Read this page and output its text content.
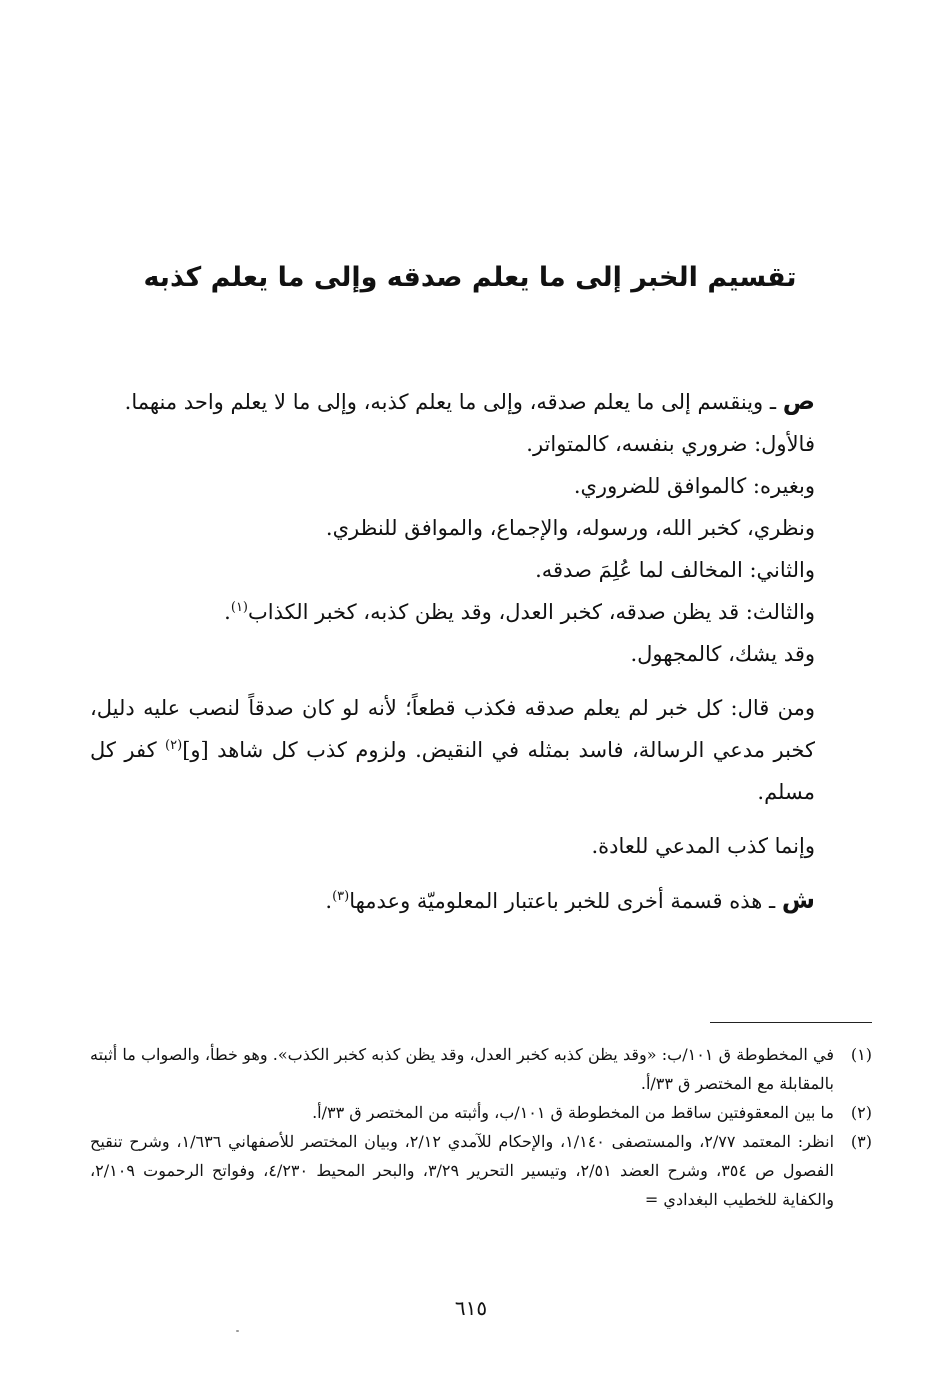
تقسيم الخبر إلى ما يعلم صدقه وإلى ما يعلم كذبه

ص ـ وينقسم إلى ما يعلم صدقه، وإلى ما يعلم كذبه، وإلى ما لا يعلم واحد منهما.

فالأول: ضروري بنفسه، كالمتواتر.

وبغيره: كالموافق للضروري.

ونظري، كخبر الله، ورسوله، والإجماع، والموافق للنظري.

والثاني: المخالف لما عُلِمَ صدقه.

والثالث: قد يظن صدقه، كخبر العدل، وقد يظن كذبه، كخبر الكذاب$^{(١)}$.

وقد يشك، كالمجهول.

ومن قال: كل خبر لم يعلم صدقه فكذب قطعاً؛ لأنه لو كان صدقاً لنصب عليه دليل، كخبر مدعي الرسالة، فاسد بمثله في النقيض. ولزوم كذب كل شاهد [و]$^{(٢)}$ كفر كل مسلم.

وإنما كذب المدعي للعادة.

ش ـ هذه قسمة أخرى للخبر باعتبار المعلوميّة وعدمها$^{(٣)}$.

(١)
في المخطوطة ق ١٠١/ب: «وقد يظن كذبه كخبر العدل، وقد يظن كذبه كخبر الكذب». وهو خطأ، والصواب ما أثبته بالمقابلة مع المختصر ق ٣٣/أ.
(٢)
ما بين المعقوفتين ساقط من المخطوطة ق ١٠١/ب، وأثبته من المختصر ق ٣٣/أ.
(٣)
انظر: المعتمد ٢/٧٧، والمستصفى ١/١٤٠، والإحكام للآمدي ٢/١٢، وبيان المختصر للأصفهاني ١/٦٣٦، وشرح تنقيح الفصول ص ٣٥٤، وشرح العضد ٢/٥١، وتيسير التحرير ٣/٢٩، والبحر المحيط ٤/٢٣٠، وفواتح الرحموت ٢/١٠٩، والكفاية للخطيب البغدادي =
٦١٥
